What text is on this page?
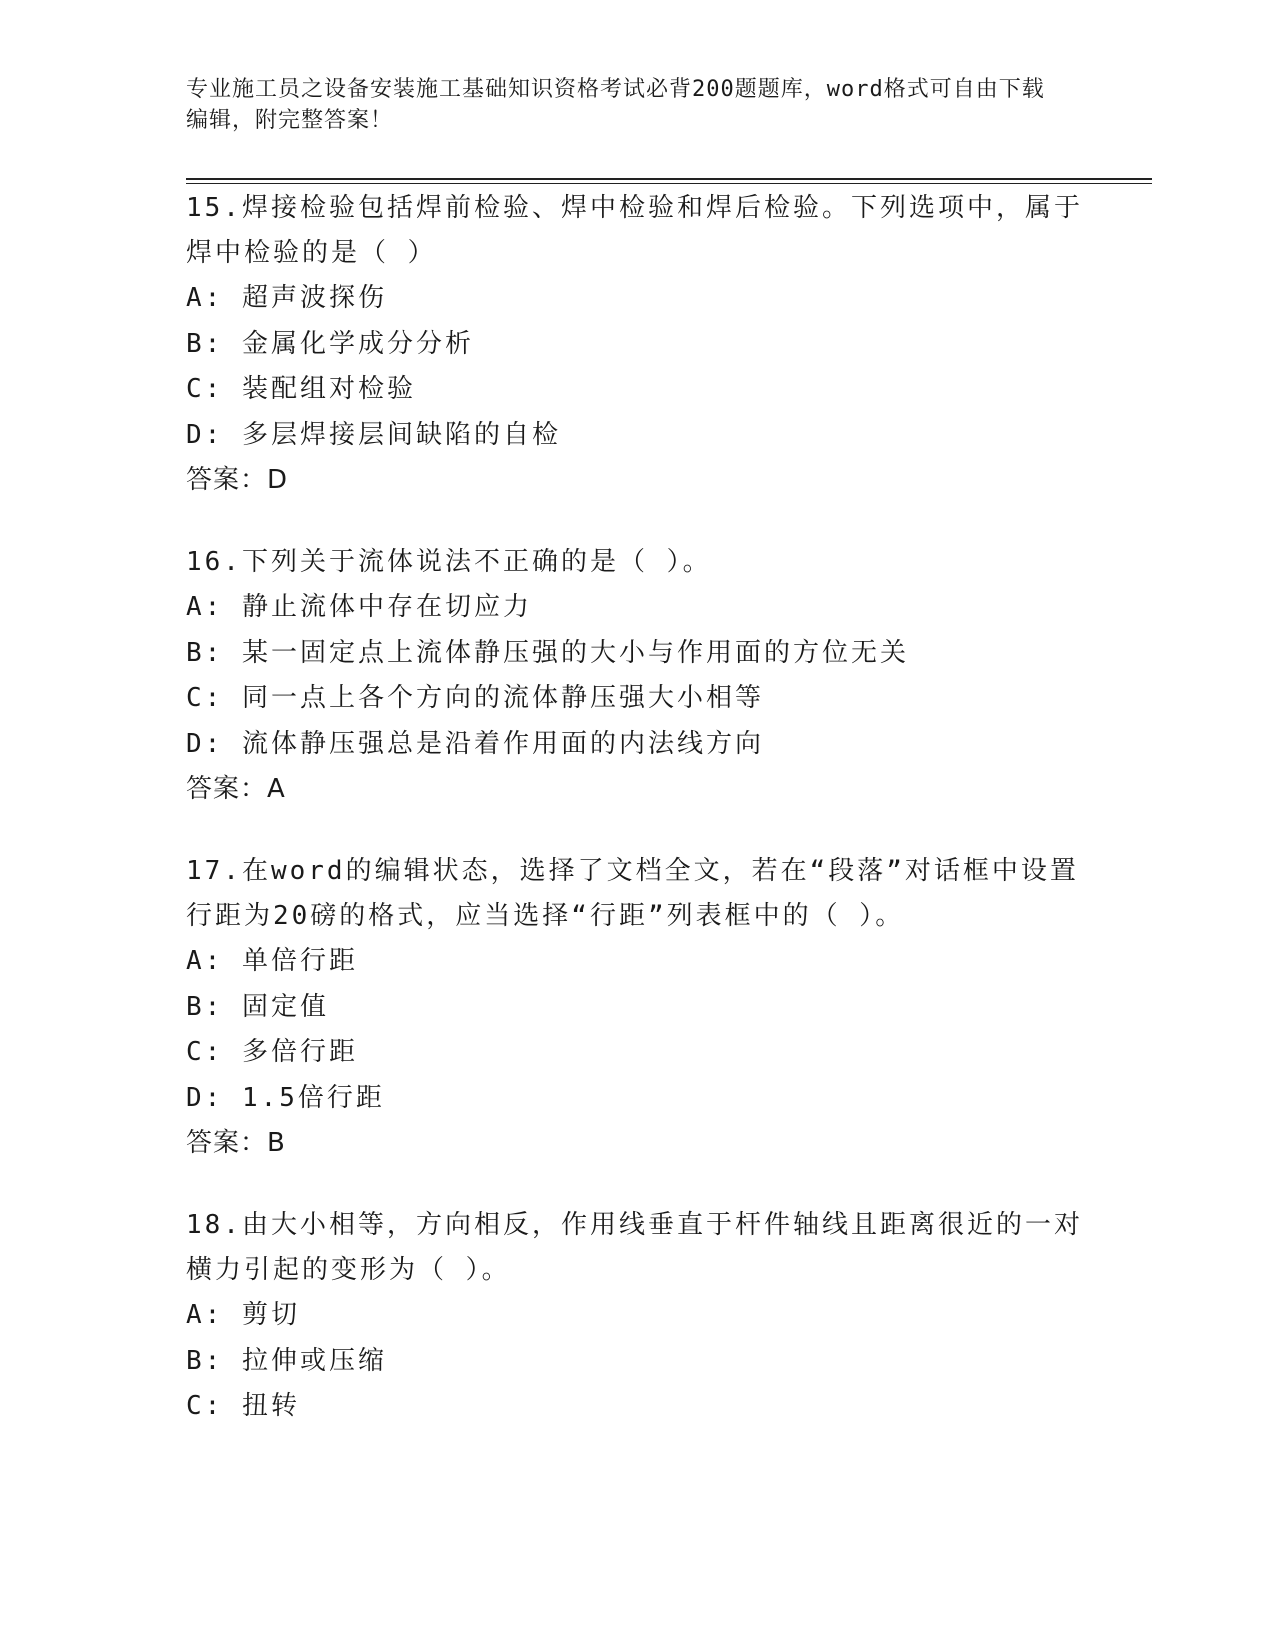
专业施工员之设备安装施工基础知识资格考试必背200题题库，word格式可自由下载编辑，附完整答案！

15.焊接检验包括焊前检验、焊中检验和焊后检验。下列选项中，属于焊中检验的是（ ）

A: 超声波探伤

B: 金属化学成分分析

C: 装配组对检验

D: 多层焊接层间缺陷的自检

答案：D

16.下列关于流体说法不正确的是（ ）。

A: 静止流体中存在切应力

B: 某一固定点上流体静压强的大小与作用面的方位无关

C: 同一点上各个方向的流体静压强大小相等

D: 流体静压强总是沿着作用面的内法线方向

答案：A

17.在word的编辑状态，选择了文档全文，若在“段落”对话框中设置行距为20磅的格式，应当选择“行距”列表框中的（ ）。

A: 单倍行距

B: 固定值

C: 多倍行距

D: 1.5倍行距

答案：B

18.由大小相等，方向相反，作用线垂直于杆件轴线且距离很近的一对横力引起的变形为（ ）。

A: 剪切

B: 拉伸或压缩

C: 扭转
